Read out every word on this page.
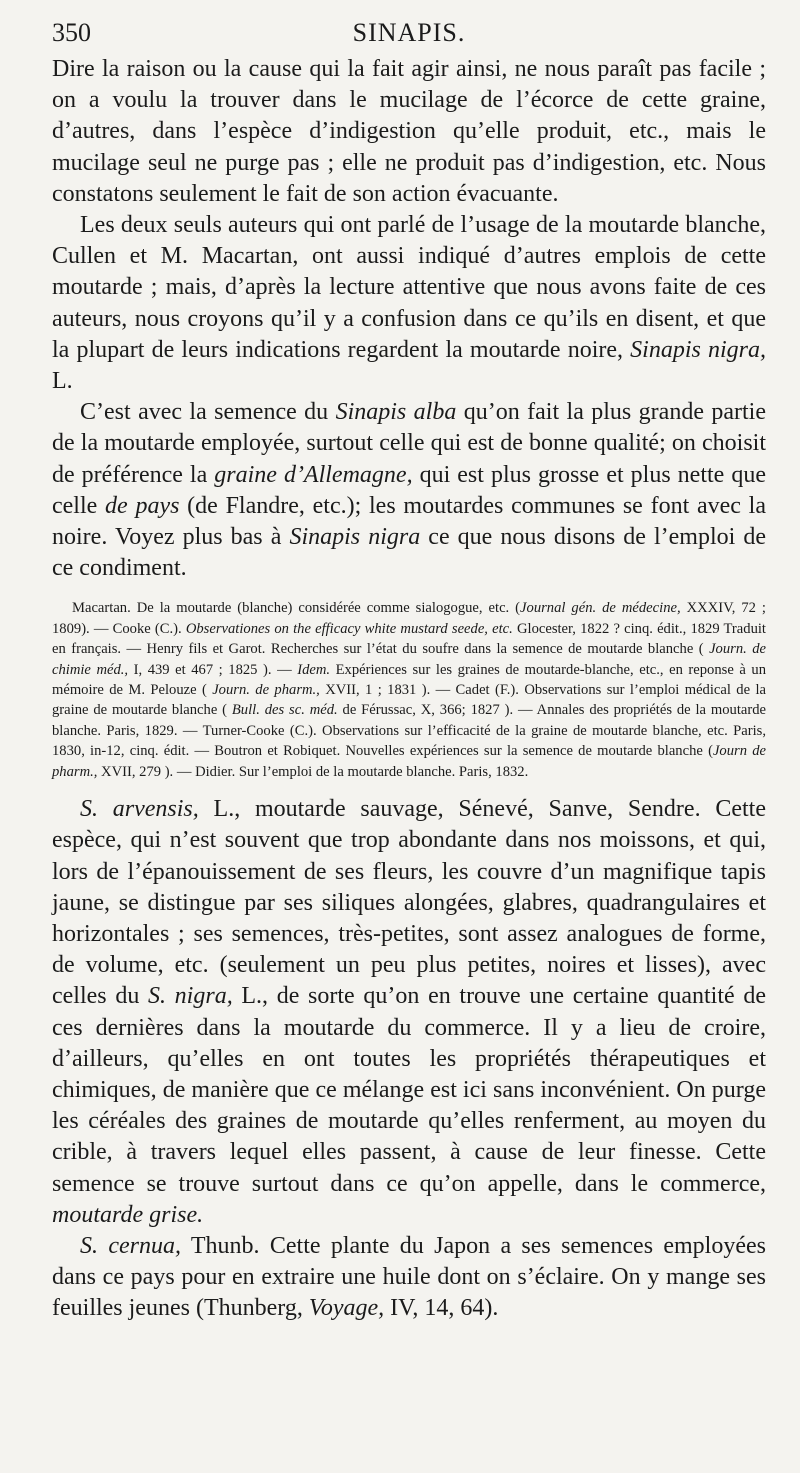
350	SINAPIS.

Dire la raison ou la cause qui la fait agir ainsi, ne nous paraît pas facile ; on a voulu la trouver dans le mucilage de l’écorce de cette graine, d’autres, dans l’espèce d’indigestion qu’elle produit, etc., mais le mucilage seul ne purge pas ; elle ne produit pas d’indigestion, etc. Nous constatons seulement le fait de son action évacuante.

Les deux seuls auteurs qui ont parlé de l’usage de la moutarde blanche, Cullen et M. Macartan, ont aussi indiqué d’autres emplois de cette moutarde ; mais, d’après la lecture attentive que nous avons faite de ces auteurs, nous croyons qu’il y a confusion dans ce qu’ils en disent, et que la plupart de leurs indications regardent la moutarde noire, Sinapis nigra, L.

C’est avec la semence du Sinapis alba qu’on fait la plus grande partie de la moutarde employée, surtout celle qui est de bonne qualité; on choisit de préférence la graine d’Allemagne, qui est plus grosse et plus nette que celle de pays (de Flandre, etc.); les moutardes communes se font avec la noire. Voyez plus bas à Sinapis nigra ce que nous disons de l’emploi de ce condiment.

Macartan. De la moutarde (blanche) considérée comme sialogogue, etc. (Journal gén. de médecine, XXXIV, 72 ; 1809). — Cooke (C.). Observationes on the efficacy white mustard seede, etc. Glocester, 1822 ? cinq. édit., 1829 Traduit en français. — Henry fils et Garot. Recherches sur l’état du soufre dans la semence de moutarde blanche ( Journ. de chimie méd., I, 439 et 467 ; 1825 ). — Idem. Expériences sur les graines de moutarde-blanche, etc., en reponse à un mémoire de M. Pelouze ( Journ. de pharm., XVII, 1 ; 1831 ). — Cadet (F.). Observations sur l’emploi médical de la graine de moutarde blanche ( Bull. des sc. méd. de Férussac, X, 366; 1827 ). — Annales des propriétés de la moutarde blanche. Paris, 1829. — Turner-Cooke (C.). Observations sur l’efficacité de la graine de moutarde blanche, etc. Paris, 1830, in-12, cinq. édit. — Boutron et Robiquet. Nouvelles expériences sur la semence de moutarde blanche (Journ de pharm., XVII, 279 ). — Didier. Sur l’emploi de la moutarde blanche. Paris, 1832.

S. arvensis, L., moutarde sauvage, Sénevé, Sanve, Sendre. Cette espèce, qui n’est souvent que trop abondante dans nos moissons, et qui, lors de l’épanouissement de ses fleurs, les couvre d’un magnifique tapis jaune, se distingue par ses siliques alongées, glabres, quadrangulaires et horizontales ; ses semences, très-petites, sont assez analogues de forme, de volume, etc. (seulement un peu plus petites, noires et lisses), avec celles du S. nigra, L., de sorte qu’on en trouve une certaine quantité de ces dernières dans la moutarde du commerce. Il y a lieu de croire, d’ailleurs, qu’elles en ont toutes les propriétés thérapeutiques et chimiques, de manière que ce mélange est ici sans inconvénient. On purge les céréales des graines de moutarde qu’elles renferment, au moyen du crible, à travers lequel elles passent, à cause de leur finesse. Cette semence se trouve surtout dans ce qu’on appelle, dans le commerce, moutarde grise.

S. cernua, Thunb. Cette plante du Japon a ses semences employées dans ce pays pour en extraire une huile dont on s’éclaire. On y mange ses feuilles jeunes (Thunberg, Voyage, IV, 14, 64).
